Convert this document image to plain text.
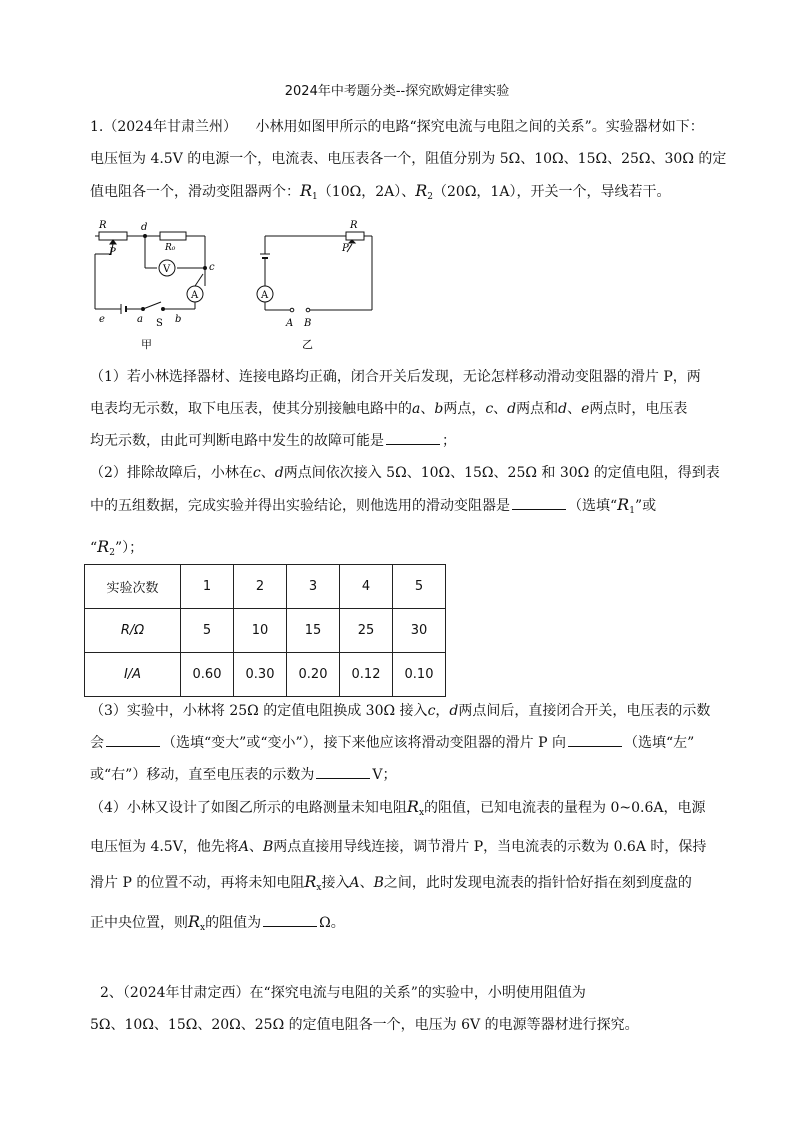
2024年中考题分类--探究欧姆定律实验
1.（2024年甘肃兰州） 小林用如图甲所示的电路“探究电流与电阻之间的关系”。实验器材如下：
电压恒为 4.5V 的电源一个，电流表、电压表各一个，阻值分别为 5Ω、10Ω、15Ω、25Ω、30Ω 的定
值电阻各一个，滑动变阻器两个：$R_1(10\Omega$，2A）、$R_2(20\Omega$，1A），开关一个，导线若干。
R
P
d
R₀
V	c
A
e	a S b
甲
R
P
A
A B
乙
（1）若小林选择器材、连接电路均正确，闭合开关后发现，无论怎样移动滑动变阻器的滑片 P，两
电表均无示数，取下电压表，使其分别接触电路中的a、b两点，c、d两点和d、e两点时，电压表
均无示数，由此可判断电路中发生的故障可能是	；
（2）排除故障后，小林在c、d两点间依次接入 5Ω、10Ω、15Ω、25Ω 和 30Ω 的定值电阻，得到表
中的五组数据，完成实验并得出实验结论，则他选用的滑动变阻器是	（选填“$R_1$”或
“$R_2$”）；
实验次数	1	2	3	4	5
R/Ω	5	10	15	25	30
I/A	0.60	0.30	0.20	0.12	0.10
（3）实验中，小林将 25Ω 的定值电阻换成 30Ω 接入c，d两点间后，直接闭合开关，电压表的示数
会	（选填“变大”或“变小”），接下来他应该将滑动变阻器的滑片 P 向	（选填“左”
或“右”）移动，直至电压表的示数为	V；
（4）小林又设计了如图乙所示的电路测量未知电阻$R_x$的阻值，已知电流表的量程为 0~0.6A，电源
电压恒为 4.5V，他先将A、B两点直接用导线连接，调节滑片 P，当电流表的示数为 0.6A 时，保持
滑片 P 的位置不动，再将未知电阻$R_x$接入A、B之间，此时发现电流表的指针恰好指在刻到度盘的
正中央位置，则$R_x$的阻值为	Ω。
2、（2024年甘肃定西）在“探究电流与电阻的关系”的实验中，小明使用阻值为
5Ω、10Ω、15Ω、20Ω、25Ω 的定值电阻各一个，电压为 6V 的电源等器材进行探究。
